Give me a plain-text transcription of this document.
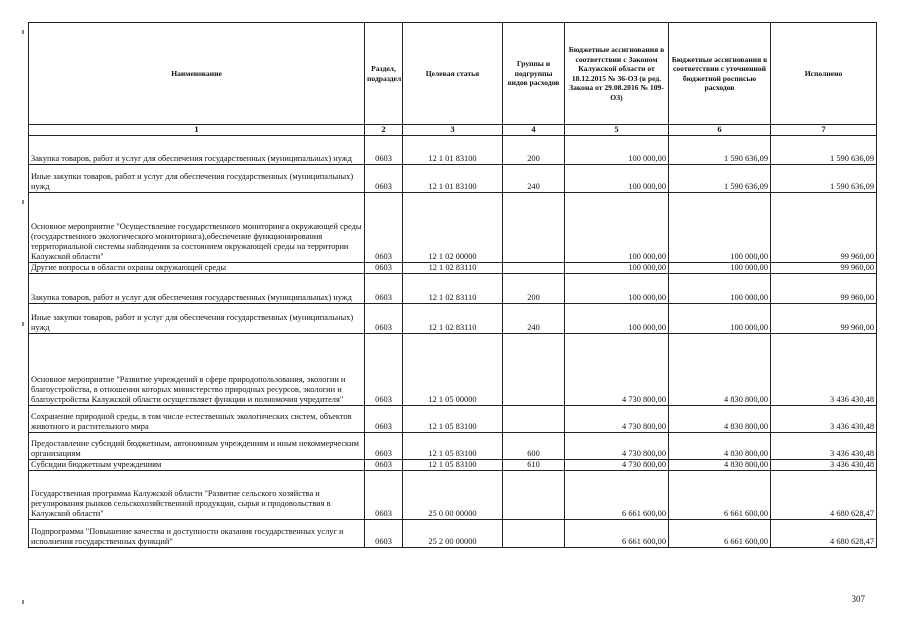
Наименование	Раздел, подраздел	Целевая статья	Группы и подгруппы видов расходов	Бюджетные ассигнования в соответствии с Законом Калужской области от 18.12.2015 № 36-ОЗ (в ред. Закона от 29.08.2016 № 109-ОЗ)	Бюджетные ассигнования в соответствии с уточненной бюджетной росписью расходов	Исполнено
1	2	3	4	5	6	7
Закупка товаров, работ и услуг для обеспечения государственных (муниципальных) нужд	0603	12 1 01 83100	200	100 000,00	1 590 636,09	1 590 636,09
Иные закупки товаров, работ и услуг для обеспечения государственных (муниципальных) нужд	0603	12 1 01 83100	240	100 000,00	1 590 636,09	1 590 636,09
Основное мероприятие "Осуществление государственного мониторинга окружающей среды (государственного экологического мониторинга),обеспечение функционирования территориальной системы наблюдения за состоянием окружающей среды на территории Калужской области"	0603	12 1 02 00000		100 000,00	100 000,00	99 960,00
Другие вопросы в области охраны окружающей среды	0603	12 1 02 83110		100 000,00	100 000,00	99 960,00
Закупка товаров, работ и услуг для обеспечения государственных (муниципальных) нужд	0603	12 1 02 83110	200	100 000,00	100 000,00	99 960,00
Иные закупки товаров, работ и услуг для обеспечения государственных (муниципальных) нужд	0603	12 1 02 83110	240	100 000,00	100 000,00	99 960,00
Основное мероприятие "Развитие учреждений в сфере природопользования, экологии и благоустройства, в отношении которых министерство природных ресурсов, экологии и благоустройства Калужской области осуществляет функции и полномочия учредителя"	0603	12 1 05 00000		4 730 800,00	4 830 800,00	3 436 430,48
Сохранение природной среды, в том числе естественных экологических систем, объектов животного и растительного мира	0603	12 1 05 83100		4 730 800,00	4 830 800,00	3 436 430,48
Предоставление субсидий бюджетным, автономным учреждениям и иным некоммерческим организациям	0603	12 1 05 83100	600	4 730 800,00	4 830 800,00	3 436 430,48
Субсидии бюджетным учреждениям	0603	12 1 05 83100	610	4 730 800,00	4 830 800,00	3 436 430,48
Государственная программа Калужской области "Развитие сельского хозяйства и регулирования рынков сельскохозяйственной продукции, сырья и продовольствия в Калужской области"	0603	25 0 00 00000		6 661 600,00	6 661 600,00	4 680 628,47
Подпрограмма "Повышение качества и доступности оказания государственных услуг и исполнения государственных функций"	0603	25 2 00 00000		6 661 600,00	6 661 600,00	4 680 628,47
307
